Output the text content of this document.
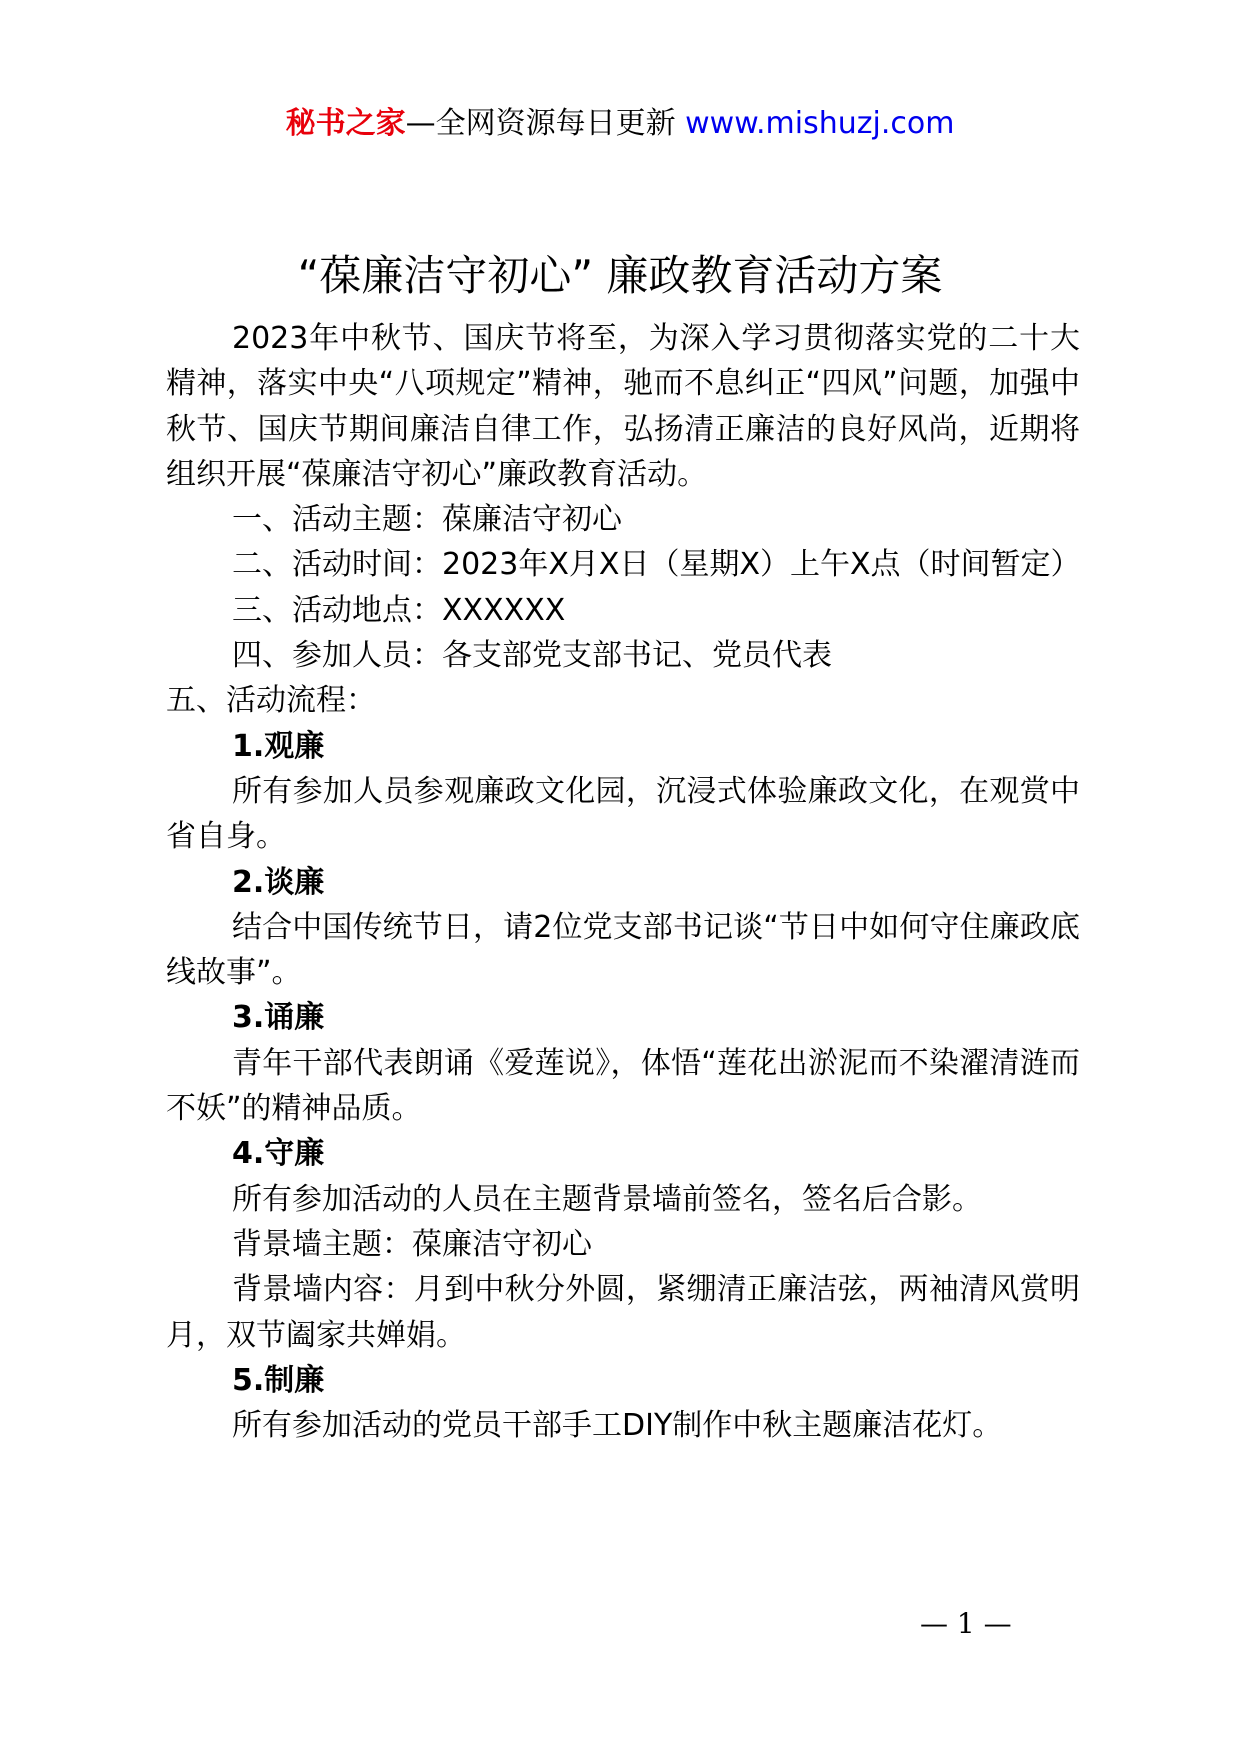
秘书之家—全网资源每日更新 www.mishuzj.com
“葆廉洁守初心” 廉政教育活动方案

2023年中秋节、国庆节将至，为深入学习贯彻落实党的二十大精神，落实中央“八项规定”精神，驰而不息纠正“四风”问题，加强中秋节、国庆节期间廉洁自律工作，弘扬清正廉洁的良好风尚，近期将组织开展“葆廉洁守初心”廉政教育活动。

一、活动主题：葆廉洁守初心

二、活动时间：2023年X月X日（星期X）上午X点（时间暂定）

三、活动地点：XXXXXX

四、参加人员：各支部党支部书记、党员代表

五、活动流程：

1.观廉

所有参加人员参观廉政文化园，沉浸式体验廉政文化，在观赏中省自身。

2.谈廉

结合中国传统节日，请2位党支部书记谈“节日中如何守住廉政底线故事”。

3.诵廉

青年干部代表朗诵《爱莲说》，体悟“莲花出淤泥而不染濯清涟而不妖”的精神品质。

4.守廉

所有参加活动的人员在主题背景墙前签名，签名后合影。

背景墙主题：葆廉洁守初心

背景墙内容：月到中秋分外圆，紧绷清正廉洁弦，两袖清风赏明月，双节阖家共婵娟。

5.制廉

所有参加活动的党员干部手工DIY制作中秋主题廉洁花灯。

— 1 —
